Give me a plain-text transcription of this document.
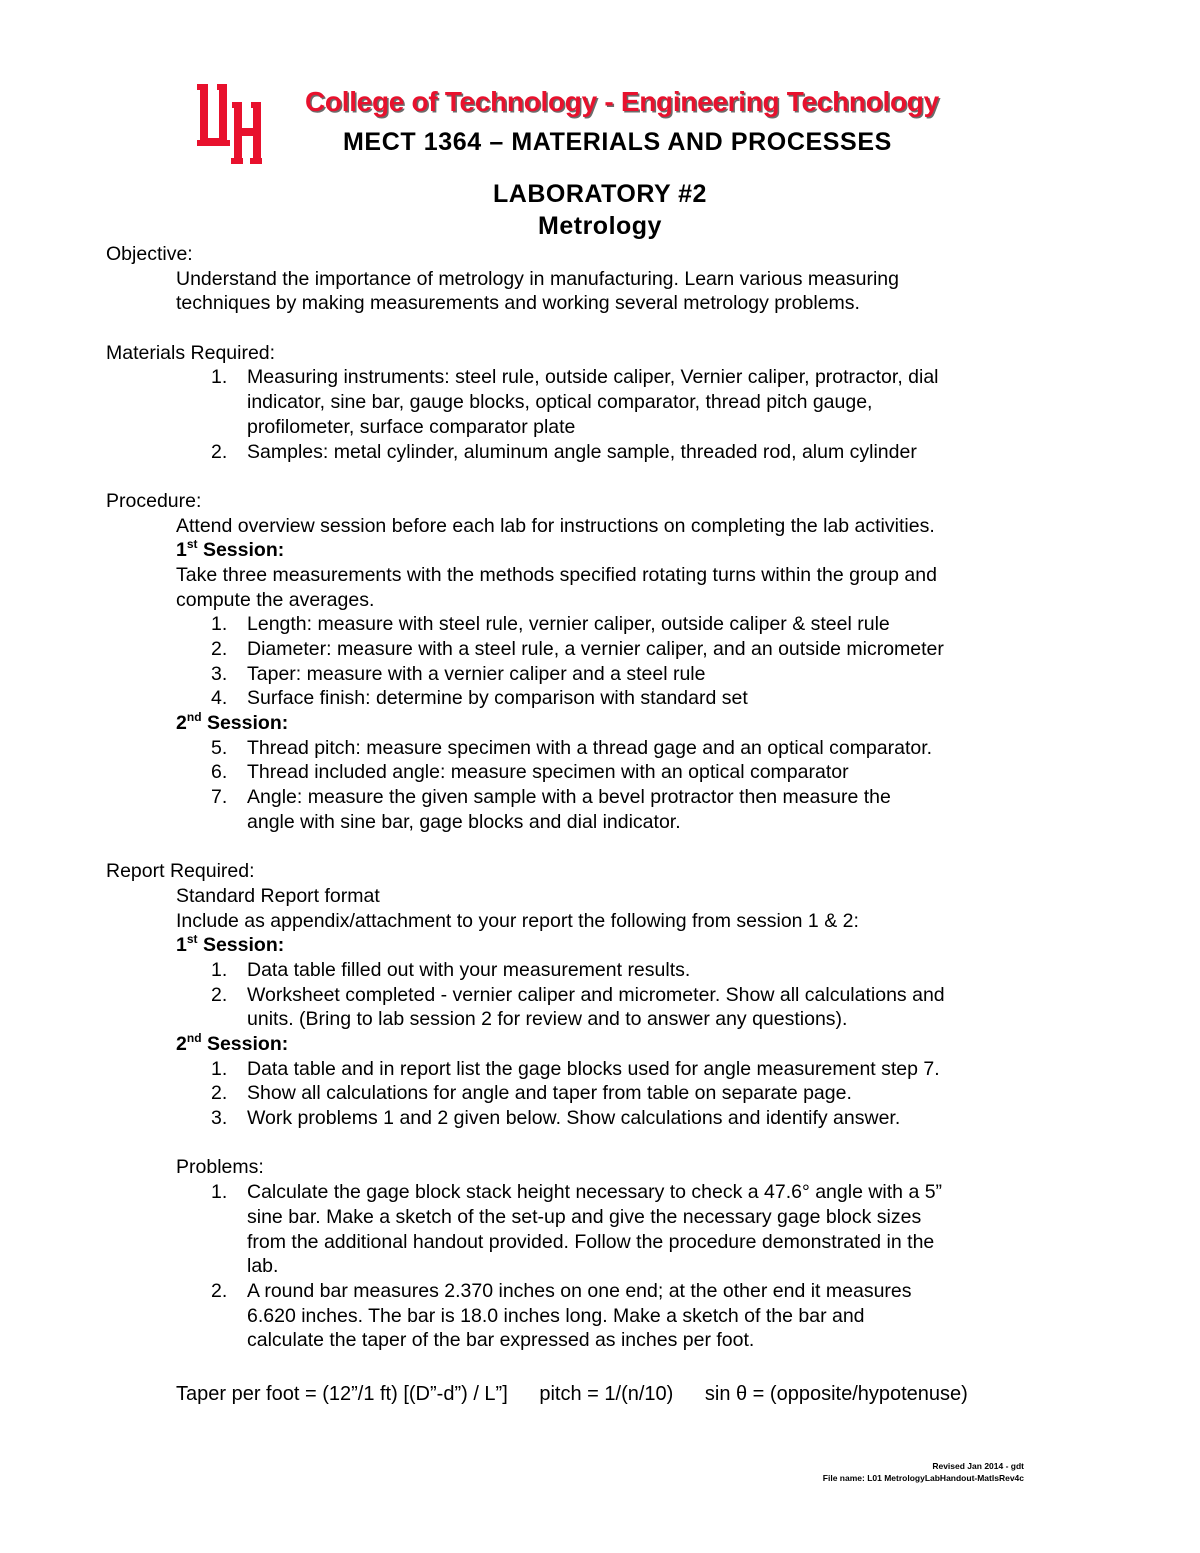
College of Technology - Engineering Technology
MECT 1364 – MATERIALS AND PROCESSES
LABORATORY #2
Metrology
Objective:
Understand the importance of metrology in manufacturing. Learn various measuring
techniques by making measurements and working several metrology problems.
Materials Required:
1.	Measuring instruments: steel rule, outside caliper, Vernier caliper, protractor, dial
indicator, sine bar, gauge blocks, optical comparator, thread pitch gauge,
profilometer, surface comparator plate
2.	Samples: metal cylinder, aluminum angle sample, threaded rod, alum cylinder
Procedure:
Attend overview session before each lab for instructions on completing the lab activities.
1st Session:
Take three measurements with the methods specified rotating turns within the group and
compute the averages.
1.	Length: measure with steel rule, vernier caliper, outside caliper & steel rule
2.	Diameter: measure with a steel rule, a vernier caliper, and an outside micrometer
3.	Taper: measure with a vernier caliper and a steel rule
4.	Surface finish: determine by comparison with standard set
2nd Session:
5.	Thread pitch: measure specimen with a thread gage and an optical comparator.
6.	Thread included angle: measure specimen with an optical comparator
7.	Angle: measure the given sample with a bevel protractor then measure the
angle with sine bar, gage blocks and dial indicator.
Report Required:
Standard Report format
Include as appendix/attachment to your report the following from session 1 & 2:
1st Session:
1.	Data table filled out with your measurement results.
2.	Worksheet completed - vernier caliper and micrometer. Show all calculations and
units. (Bring to lab session 2 for review and to answer any questions).
2nd Session:
1.	Data table and in report list the gage blocks used for angle measurement step 7.
2.	Show all calculations for angle and taper from table on separate page.
3.	Work problems 1 and 2 given below. Show calculations and identify answer.
Problems:
1.	Calculate the gage block stack height necessary to check a 47.6° angle with a 5”
sine bar. Make a sketch of the set-up and give the necessary gage block sizes
from the additional handout provided. Follow the procedure demonstrated in the
lab.
2.	A round bar measures 2.370 inches on one end; at the other end it measures
6.620 inches. The bar is 18.0 inches long. Make a sketch of the bar and
calculate the taper of the bar expressed as inches per foot.
Taper per foot = (12”/1 ft) [(D”-d”) / L”] pitch = 1/(n/10) sin θ = (opposite/hypotenuse)
Revised Jan 2014 - gdt
File name: L01 MetrologyLabHandout-MatlsRev4c
